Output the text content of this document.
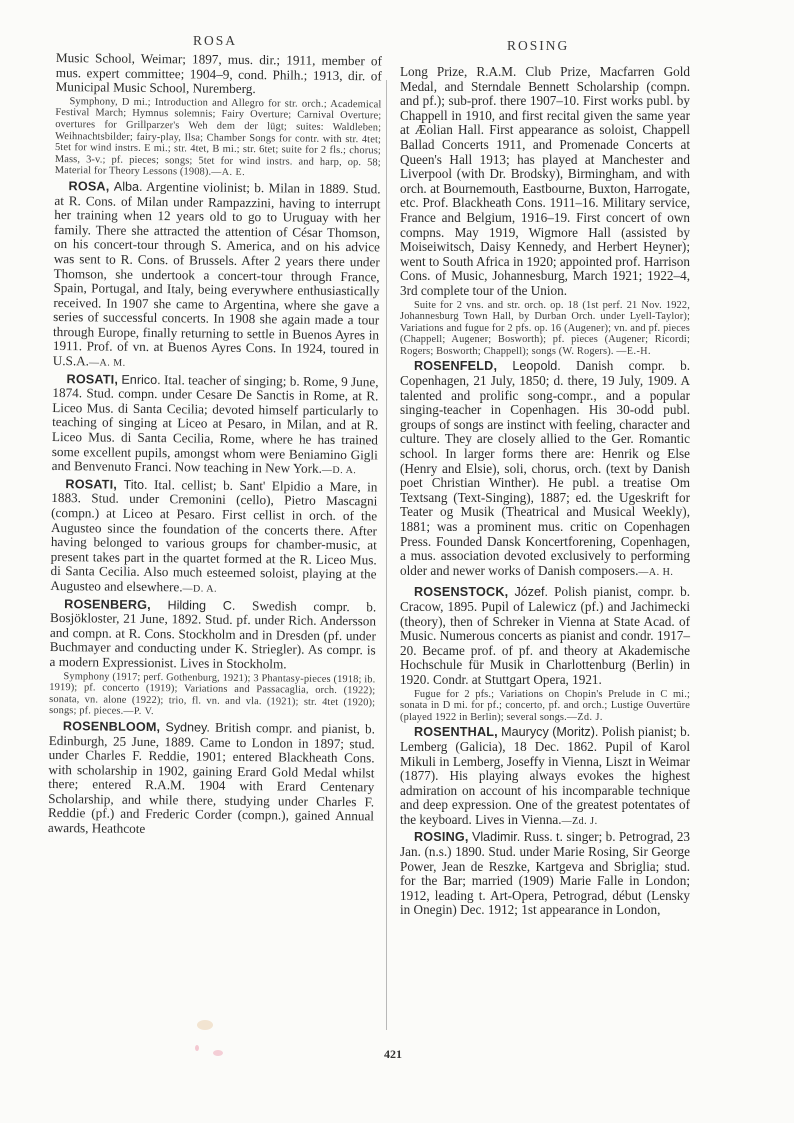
ROSA	ROSING

Music School, Weimar; 1897, mus. dir.; 1911, member of mus. expert committee; 1904–9, cond. Philh.; 1913, dir. of Municipal Music School, Nuremberg.

Symphony, D mi.; Introduction and Allegro for str. orch.; Academical Festival March; Hymnus solemnis; Fairy Overture; Carnival Overture; overtures for Grillparzer's Weh dem der lügt; suites: Waldleben; Weihnachtsbilder; fairy-play, Ilsa; Chamber Songs for contr. with str. 4tet; 5tet for wind instrs. E mi.; str. 4tet, B mi.; str. 6tet; suite for 2 fls.; chorus; Mass, 3-v.; pf. pieces; songs; 5tet for wind instrs. and harp, op. 58; Material for Theory Lessons (1908).—A. E.

ROSA, Alba. Argentine violinist; b. Milan in 1889. Stud. at R. Cons. of Milan under Rampazzini, having to interrupt her training when 12 years old to go to Uruguay with her family. There she attracted the attention of César Thomson, on his concert-tour through S. America, and on his advice was sent to R. Cons. of Brussels. After 2 years there under Thomson, she undertook a concert-tour through France, Spain, Portugal, and Italy, being everywhere enthusiastically received. In 1907 she came to Argentina, where she gave a series of successful concerts. In 1908 she again made a tour through Europe, finally returning to settle in Buenos Ayres in 1911. Prof. of vn. at Buenos Ayres Cons. In 1924, toured in U.S.A.—A. M.

ROSATI, Enrico. Ital. teacher of singing; b. Rome, 9 June, 1874. Stud. compn. under Cesare De Sanctis in Rome, at R. Liceo Mus. di Santa Cecilia; devoted himself particularly to teaching of singing at Liceo at Pesaro, in Milan, and at R. Liceo Mus. di Santa Cecilia, Rome, where he has trained some excellent pupils, amongst whom were Beniamino Gigli and Benvenuto Franci. Now teaching in New York.—D. A.

ROSATI, Tito. Ital. cellist; b. Sant' Elpidio a Mare, in 1883. Stud. under Cremonini (cello), Pietro Mascagni (compn.) at Liceo at Pesaro. First cellist in orch. of the Augusteo since the foundation of the concerts there. After having belonged to various groups for chamber-music, at present takes part in the quartet formed at the R. Liceo Mus. di Santa Cecilia. Also much esteemed soloist, playing at the Augusteo and elsewhere.—D. A.

ROSENBERG, Hilding C. Swedish compr. b. Bosjökloster, 21 June, 1892. Stud. pf. under Rich. Andersson and compn. at R. Cons. Stockholm and in Dresden (pf. under Buchmayer and conducting under K. Striegler). As compr. is a modern Expressionist. Lives in Stockholm.

Symphony (1917; perf. Gothenburg, 1921); 3 Phantasy-pieces (1918; ib. 1919); pf. concerto (1919); Variations and Passacaglia, orch. (1922); sonata, vn. alone (1922); trio, fl. vn. and vla. (1921); str. 4tet (1920); songs; pf. pieces.—P. V.

ROSENBLOOM, Sydney. British compr. and pianist, b. Edinburgh, 25 June, 1889. Came to London in 1897; stud. under Charles F. Reddie, 1901; entered Blackheath Cons. with scholarship in 1902, gaining Erard Gold Medal whilst there; entered R.A.M. 1904 with Erard Centenary Scholarship, and while there, studying under Charles F. Reddie (pf.) and Frederic Corder (compn.), gained Annual awards, Heathcote

Long Prize, R.A.M. Club Prize, Macfarren Gold Medal, and Sterndale Bennett Scholarship (compn. and pf.); sub-prof. there 1907–10. First works publ. by Chappell in 1910, and first recital given the same year at Æolian Hall. First appearance as soloist, Chappell Ballad Concerts 1911, and Promenade Concerts at Queen's Hall 1913; has played at Manchester and Liverpool (with Dr. Brodsky), Birmingham, and with orch. at Bournemouth, Eastbourne, Buxton, Harrogate, etc. Prof. Blackheath Cons. 1911–16. Military service, France and Belgium, 1916–19. First concert of own compns. May 1919, Wigmore Hall (assisted by Moiseiwitsch, Daisy Kennedy, and Herbert Heyner); went to South Africa in 1920; appointed prof. Harrison Cons. of Music, Johannesburg, March 1921; 1922–4, 3rd complete tour of the Union.

Suite for 2 vns. and str. orch. op. 18 (1st perf. 21 Nov. 1922, Johannesburg Town Hall, by Durban Orch. under Lyell-Taylor); Variations and fugue for 2 pfs. op. 16 (Augener); vn. and pf. pieces (Chappell; Augener; Bosworth); pf. pieces (Augener; Ricordi; Rogers; Bosworth; Chappell); songs (W. Rogers). —E.-H.

ROSENFELD, Leopold. Danish compr. b. Copenhagen, 21 July, 1850; d. there, 19 July, 1909. A talented and prolific song-compr., and a popular singing-teacher in Copenhagen. His 30-odd publ. groups of songs are instinct with feeling, character and culture. They are closely allied to the Ger. Romantic school. In larger forms there are: Henrik og Else (Henry and Elsie), soli, chorus, orch. (text by Danish poet Christian Winther). He publ. a treatise Om Textsang (Text-Singing), 1887; ed. the Ugeskrift for Teater og Musik (Theatrical and Musical Weekly), 1881; was a prominent mus. critic on Copenhagen Press. Founded Dansk Koncertforening, Copenhagen, a mus. association devoted exclusively to performing older and newer works of Danish composers.—A. H.

ROSENSTOCK, Józef. Polish pianist, compr. b. Cracow, 1895. Pupil of Lalewicz (pf.) and Jachimecki (theory), then of Schreker in Vienna at State Acad. of Music. Numerous concerts as pianist and condr. 1917–20. Became prof. of pf. and theory at Akademische Hochschule für Musik in Charlottenburg (Berlin) in 1920. Condr. at Stuttgart Opera, 1921.

Fugue for 2 pfs.; Variations on Chopin's Prelude in C mi.; sonata in D mi. for pf.; concerto, pf. and orch.; Lustige Ouvertüre (played 1922 in Berlin); several songs.—Zd. J.

ROSENTHAL, Maurycy (Moritz). Polish pianist; b. Lemberg (Galicia), 18 Dec. 1862. Pupil of Karol Mikuli in Lemberg, Joseffy in Vienna, Liszt in Weimar (1877). His playing always evokes the highest admiration on account of his incomparable technique and deep expression. One of the greatest potentates of the keyboard. Lives in Vienna.—Zd. J.

ROSING, Vladimir. Russ. t. singer; b. Petrograd, 23 Jan. (n.s.) 1890. Stud. under Marie Rosing, Sir George Power, Jean de Reszke, Kartgeva and Sbriglia; stud. for the Bar; married (1909) Marie Falle in London; 1912, leading t. Art-Opera, Petrograd, début (Lensky in Onegin) Dec. 1912; 1st appearance in London,

421
